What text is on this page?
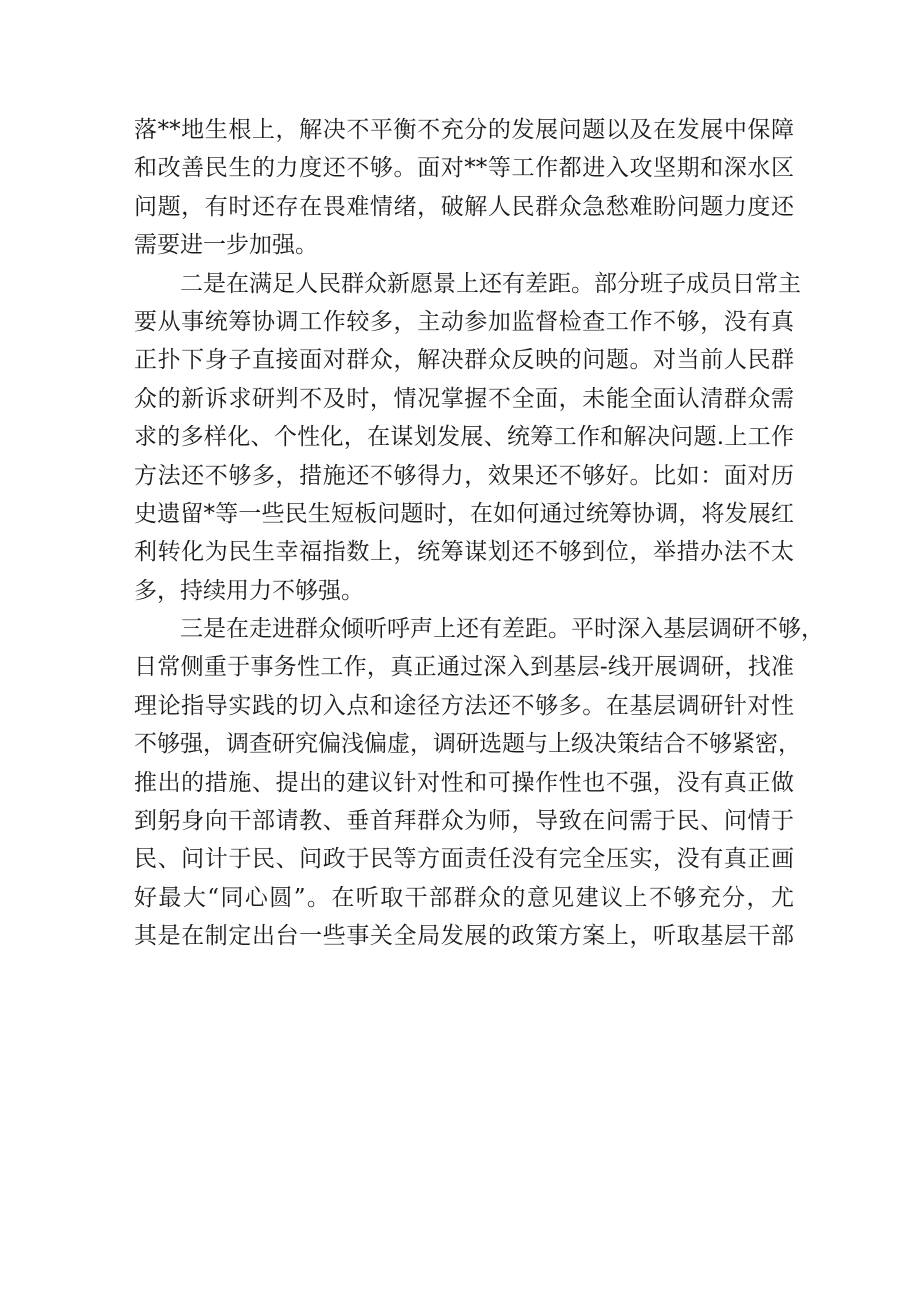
落**地生根上，解决不平衡不充分的发展问题以及在发展中保障
和改善民生的力度还不够。面对**等工作都进入攻坚期和深水区
问题，有时还存在畏难情绪，破解人民群众急愁难盼问题力度还
需要进一步加强。
二是在满足人民群众新愿景上还有差距。部分班子成员日常主
要从事统筹协调工作较多，主动参加监督检查工作不够，没有真
正扑下身子直接面对群众，解决群众反映的问题。对当前人民群
众的新诉求研判不及时，情况掌握不全面，未能全面认清群众需
求的多样化、个性化，在谋划发展、统筹工作和解决问题.上工作
方法还不够多，措施还不够得力，效果还不够好。比如：面对历
史遗留*等一些民生短板问题时，在如何通过统筹协调，将发展红
利转化为民生幸福指数上，统筹谋划还不够到位，举措办法不太
多，持续用力不够强。
三是在走进群众倾听呼声上还有差距。平时深入基层调研不够，
日常侧重于事务性工作，真正通过深入到基层-线开展调研，找准
理论指导实践的切入点和途径方法还不够多。在基层调研针对性
不够强，调查研究偏浅偏虚，调研选题与上级决策结合不够紧密，
推出的措施、提出的建议针对性和可操作性也不强，没有真正做
到躬身向干部请教、垂首拜群众为师，导致在问需于民、问情于
民、问计于民、问政于民等方面责任没有完全压实，没有真正画
好最大“同心圆”。在听取干部群众的意见建议上不够充分，尤
其是在制定出台一些事关全局发展的政策方案上，听取基层干部
